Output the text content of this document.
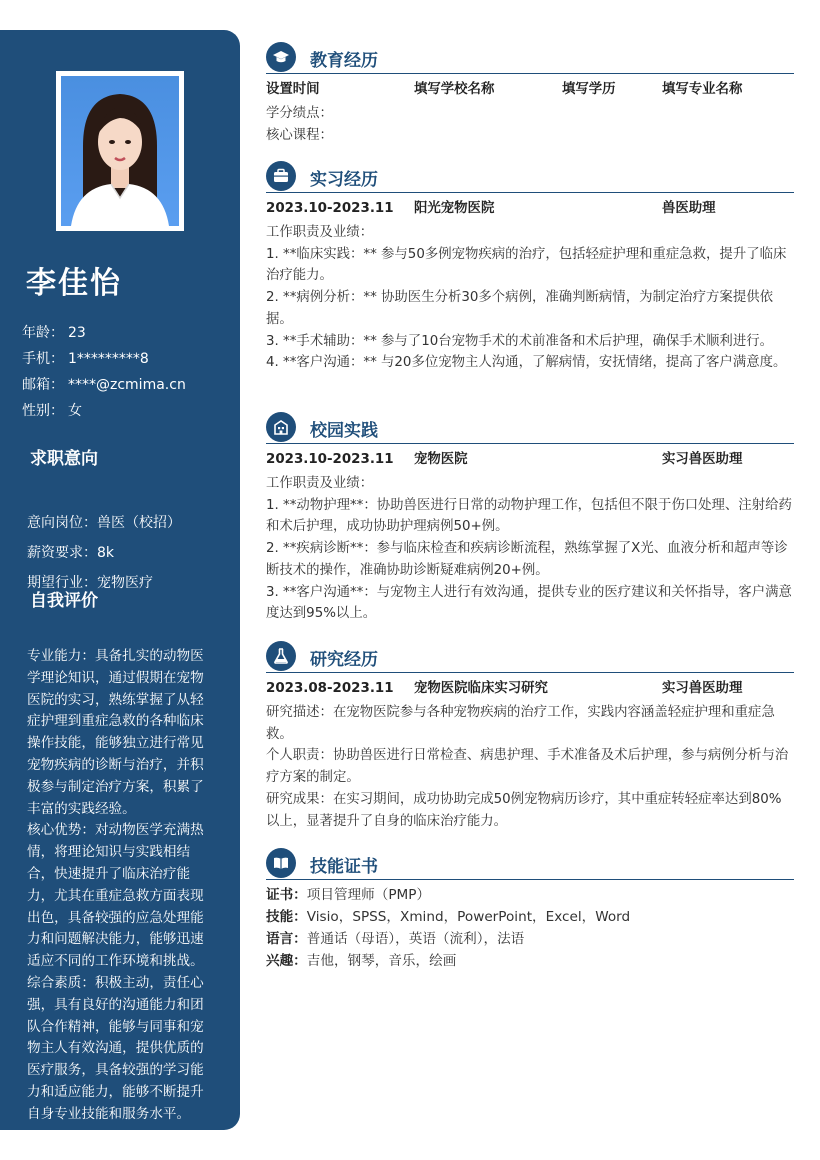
李佳怡
年龄： 23
手机： 1*********8
邮箱： ****@zcmima.cn
性别： 女
求职意向
意向岗位：兽医（校招）
薪资要求：8k
期望行业：宠物医疗
自我评价

专业能力：具备扎实的动物医学理论知识，通过假期在宠物医院的实习，熟练掌握了从轻症护理到重症急救的各种临床操作技能，能够独立进行常见宠物疾病的诊断与治疗，并积极参与制定治疗方案，积累了丰富的实践经验。

核心优势：对动物医学充满热情，将理论知识与实践相结合，快速提升了临床治疗能力，尤其在重症急救方面表现出色，具备较强的应急处理能力和问题解决能力，能够迅速适应不同的工作环境和挑战。

综合素质：积极主动，责任心强，具有良好的沟通能力和团队合作精神，能够与同事和宠物主人有效沟通，提供优质的医疗服务，具备较强的学习能力和适应能力，能够不断提升自身专业技能和服务水平。

教育经历
设置时间	填写学校名称	填写学历	填写专业名称
学分绩点：
核心课程：
实习经历
2023.10-2023.11 阳光宠物医院	兽医助理

工作职责及业绩：

1. **临床实践：** 参与50多例宠物疾病的治疗，包括轻症护理和重症急救，提升了临床治疗能力。

2. **病例分析：** 协助医生分析30多个病例，准确判断病情，为制定治疗方案提供依据。

3. **手术辅助：** 参与了10台宠物手术的术前准备和术后护理，确保手术顺利进行。

4. **客户沟通：** 与20多位宠物主人沟通，了解病情，安抚情绪，提高了客户满意度。

校园实践
2023.10-2023.11 宠物医院	实习兽医助理

工作职责及业绩：

1. **动物护理**：协助兽医进行日常的动物护理工作，包括但不限于伤口处理、注射给药和术后护理，成功协助护理病例50+例。

2. **疾病诊断**：参与临床检查和疾病诊断流程，熟练掌握了X光、血液分析和超声等诊断技术的操作，准确协助诊断疑难病例20+例。

3. **客户沟通**：与宠物主人进行有效沟通，提供专业的医疗建议和关怀指导，客户满意度达到95%以上。

研究经历
2023.08-2023.11 宠物医院临床实习研究	实习兽医助理

研究描述：在宠物医院参与各种宠物疾病的治疗工作，实践内容涵盖轻症护理和重症急救。

个人职责：协助兽医进行日常检查、病患护理、手术准备及术后护理，参与病例分析与治疗方案的制定。

研究成果：在实习期间，成功协助完成50例宠物病历诊疗，其中重症转轻症率达到80%以上，显著提升了自身的临床治疗能力。

技能证书
证书：项目管理师（PMP）
技能：Visio，SPSS，Xmind，PowerPoint，Excel，Word
语言：普通话（母语），英语（流利），法语
兴趣：吉他，钢琴，音乐，绘画
